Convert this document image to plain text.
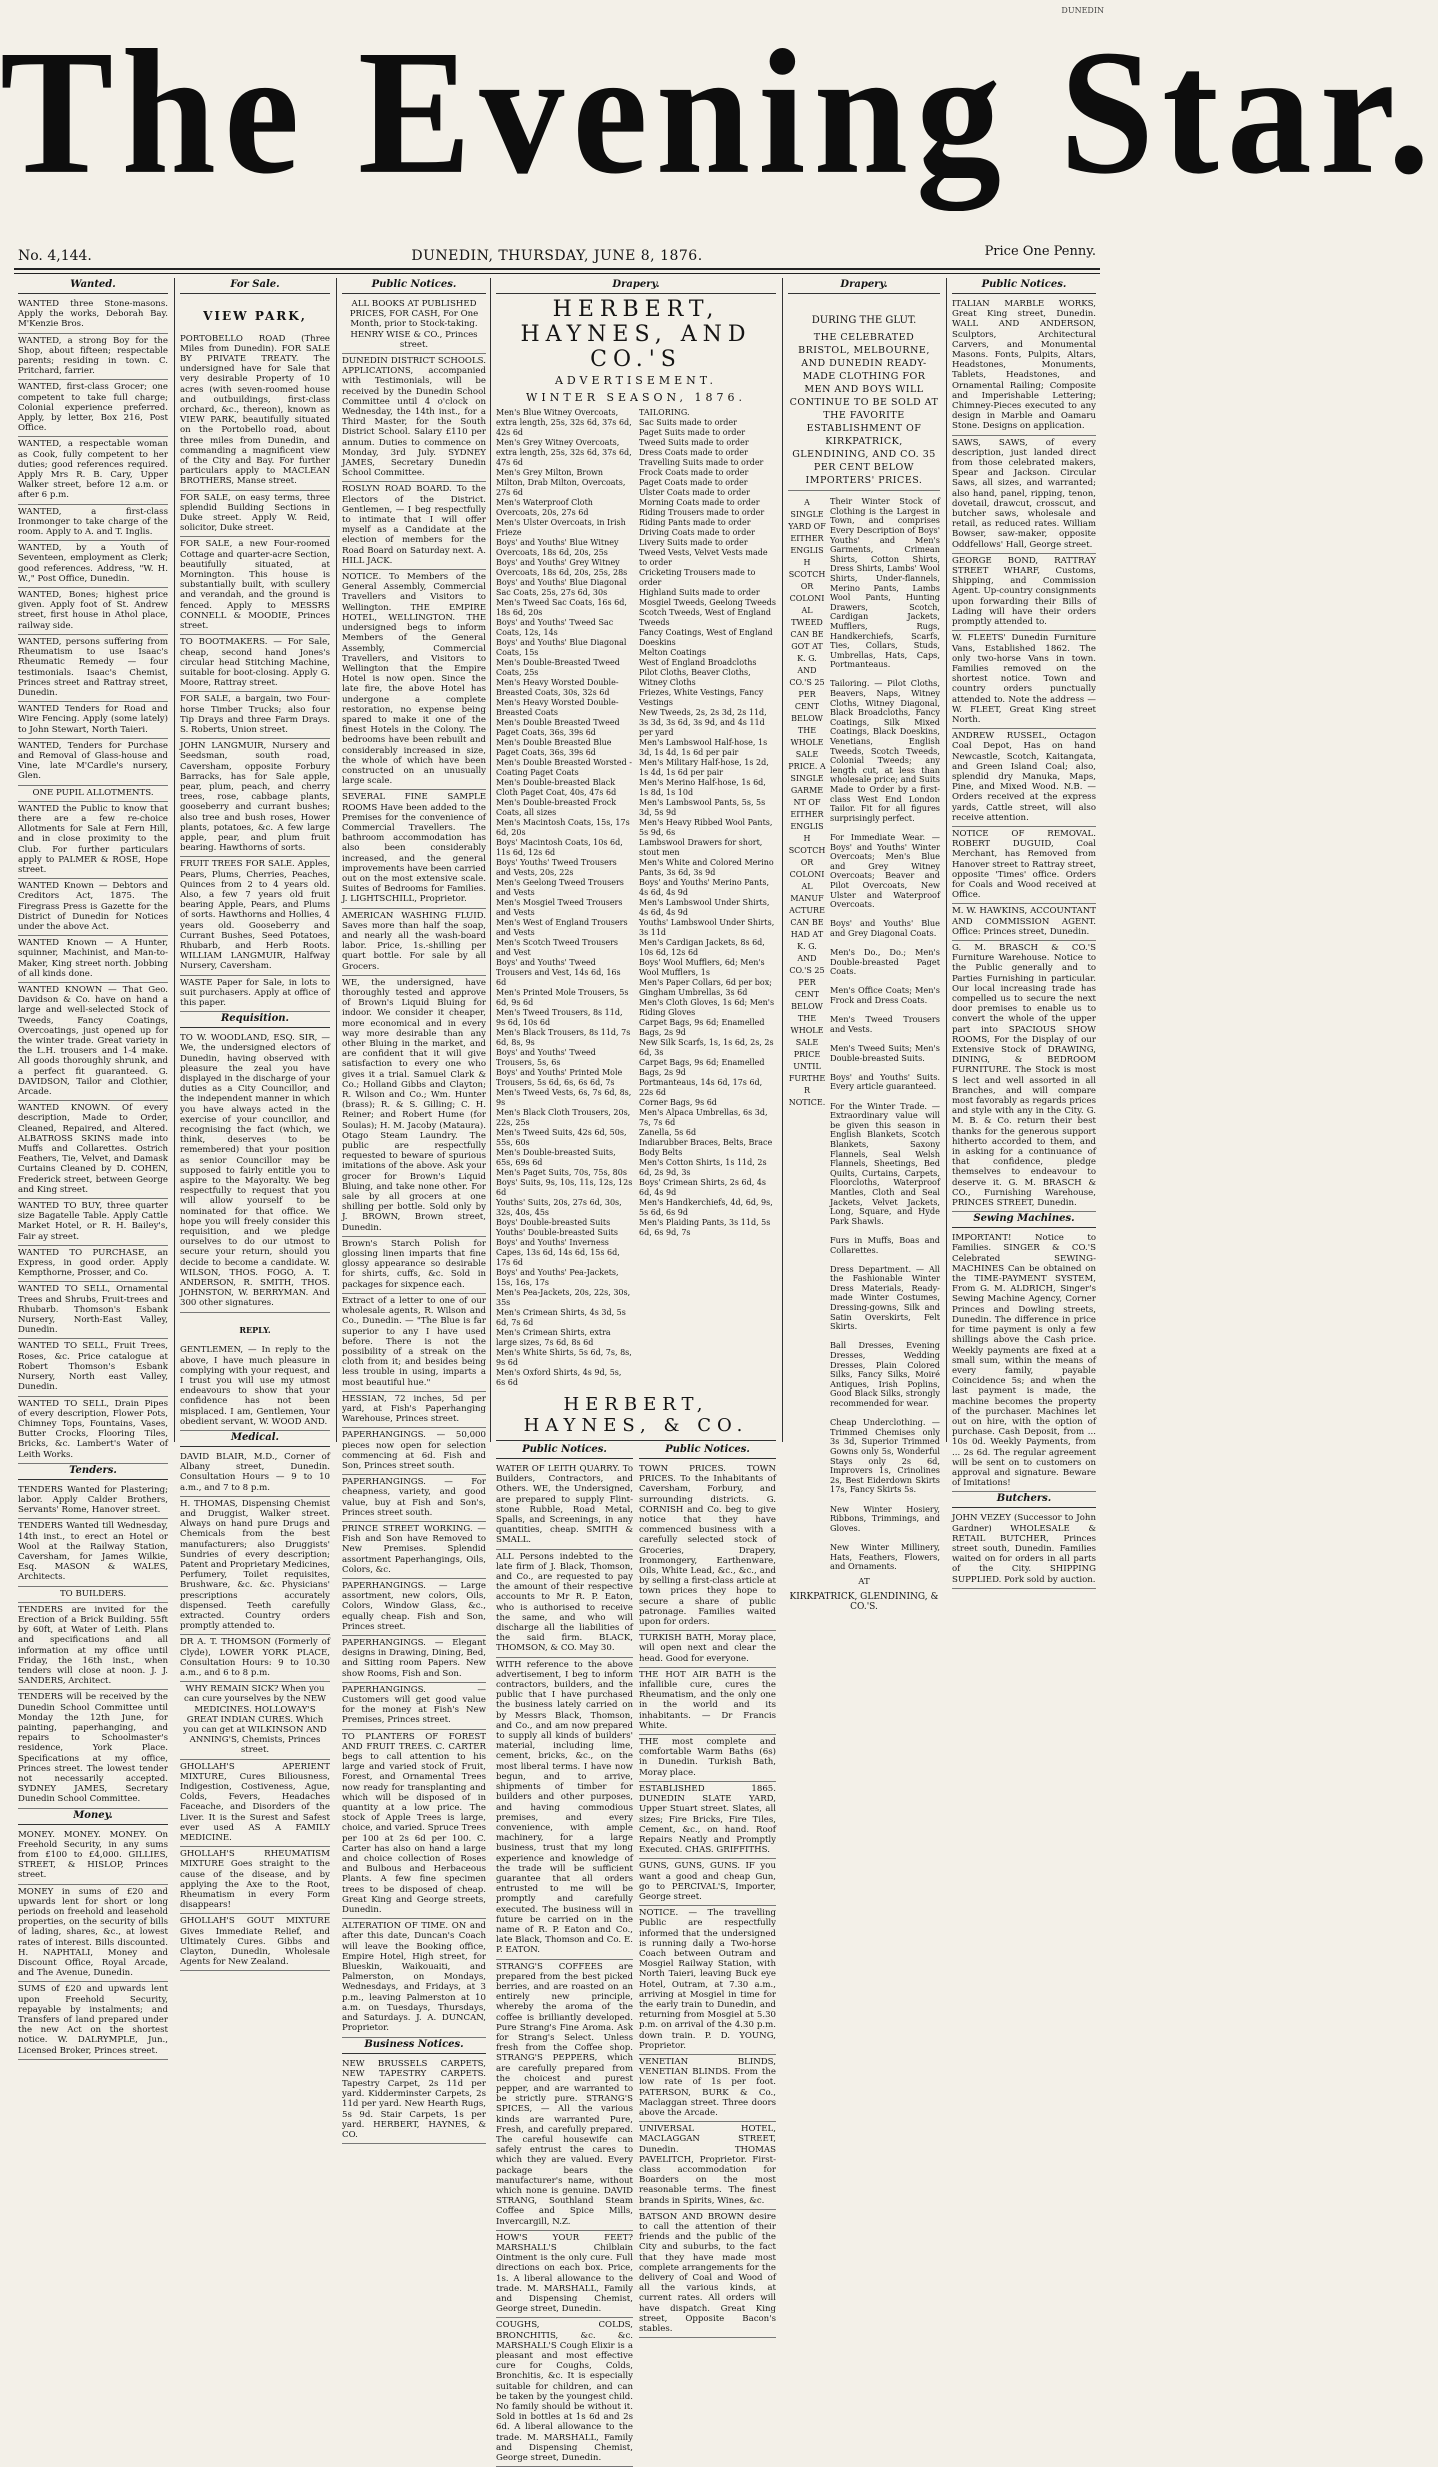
The Evening Star.
DUNEDIN
No. 4,144.	DUNEDIN, THURSDAY, JUNE 8, 1876.	Price One Penny.
Wanted.
WANTED three Stone-masons. Apply the works, Deborah Bay. M'Kenzie Bros.
WANTED, a strong Boy for the Shop, about fifteen; respectable parents; residing in town. C. Pritchard, farrier.
WANTED, first-class Grocer; one competent to take full charge; Colonial experience preferred. Apply, by letter, Box 216, Post Office.
WANTED, a respectable woman as Cook, fully competent to her duties; good references required. Apply Mrs R. B. Cary, Upper Walker street, before 12 a.m. or after 6 p.m.
WANTED, a first-class Ironmonger to take charge of the room. Apply to A. and T. Inglis.
WANTED, by a Youth of Seventeen, employment as Clerk; good references. Address, "W. H. W.," Post Office, Dunedin.
WANTED, Bones; highest price given. Apply foot of St. Andrew street, first house in Athol place, railway side.
WANTED, persons suffering from Rheumatism to use Isaac's Rheumatic Remedy — four testimonials. Isaac's Chemist, Princes street and Rattray street, Dunedin.
WANTED Tenders for Road and Wire Fencing. Apply (some lately) to John Stewart, North Taieri.
WANTED, Tenders for Purchase and Removal of Glass-house and Vine, late M'Cardle's nursery, Glen.
ONE PUPIL ALLOTMENTS.
WANTED the Public to know that there are a few re-choice Allotments for Sale at Fern Hill, and in close proximity to the Club. For further particulars apply to PALMER & ROSE, Hope street.
WANTED Known — Debtors and Creditors Act, 1875. The Firegrass Press is Gazette for the District of Dunedin for Notices under the above Act.
WANTED Known — A Hunter, squinner, Machinist, and Man-to-Maker, King street north. Jobbing of all kinds done.
WANTED KNOWN — That Geo. Davidson & Co. have on hand a large and well-selected Stock of Tweeds, Fancy Coatings, Overcoatings, just opened up for the winter trade. Great variety in the L.H. trousers and 1-4 make. All goods thoroughly shrunk, and a perfect fit guaranteed. G. DAVIDSON, Tailor and Clothier, Arcade.
WANTED KNOWN. Of every description, Made to Order, Cleaned, Repaired, and Altered. ALBATROSS SKINS made into Muffs and Collarettes. Ostrich Feathers, Tie, Velvet, and Damask Curtains Cleaned by D. COHEN, Frederick street, between George and King street.
WANTED TO BUY, three quarter size Bagatelle Table. Apply Cattle Market Hotel, or R. H. Bailey's, Fair ay street.
WANTED TO PURCHASE, an Express, in good order. Apply Kempthorne, Prosser, and Co.
WANTED TO SELL, Ornamental Trees and Shrubs, Fruit-trees and Rhubarb. Thomson's Esbank Nursery, North-East Valley, Dunedin.
WANTED TO SELL, Fruit Trees, Roses, &c. Price catalogue at Robert Thomson's Esbank Nursery, North east Valley, Dunedin.
WANTED TO SELL, Drain Pipes of every description, Flower Pots, Chimney Tops, Fountains, Vases, Butter Crocks, Flooring Tiles, Bricks, &c. Lambert's Water of Leith Works.
Tenders.
TENDERS Wanted for Plastering; labor. Apply Calder Brothers, Servants' Rome, Hanover street.
TENDERS Wanted till Wednesday, 14th inst., to erect an Hotel or Wool at the Railway Station, Caversham, for James Wilkie, Esq. MASON & WALES, Architects.
TO BUILDERS.
TENDERS are invited for the Erection of a Brick Building. 55ft by 60ft, at Water of Leith. Plans and specifications and all information at my office until Friday, the 16th inst., when tenders will close at noon. J. J. SANDERS, Architect.
TENDERS will be received by the Dunedin School Committee until Monday the 12th June, for painting, paperhanging, and repairs to Schoolmaster's residence, York Place. Specifications at my office, Princes street. The lowest tender not necessarily accepted. SYDNEY JAMES, Secretary Dunedin School Committee.
Money.
MONEY. MONEY. MONEY. On Freehold Security, in any sums from £100 to £4,000. GILLIES, STREET, & HISLOP, Princes street.
MONEY in sums of £20 and upwards lent for short or long periods on freehold and leasehold properties, on the security of bills of lading, shares, &c., at lowest rates of interest. Bills discounted. H. NAPHTALI, Money and Discount Office, Royal Arcade, and The Avenue, Dunedin.
SUMS of £20 and upwards lent upon Freehold Security, repayable by instalments; and Transfers of land prepared under the new Act on the shortest notice. W. DALRYMPLE, Jun., Licensed Broker, Princes street.
For Sale.

VIEW PARK,

PORTOBELLO ROAD (Three Miles from Dunedin). FOR SALE BY PRIVATE TREATY. The undersigned have for Sale that very desirable Property of 10 acres (with seven-roomed house and outbuildings, first-class orchard, &c., thereon), known as VIEW PARK, beautifully situated on the Portobello road, about three miles from Dunedin, and commanding a magnificent view of the City and Bay. For further particulars apply to MACLEAN BROTHERS, Manse street.

FOR SALE, on easy terms, three splendid Building Sections in Duke street. Apply W. Reid, solicitor, Duke street.
FOR SALE, a new Four-roomed Cottage and quarter-acre Section, beautifully situated, at Mornington. This house is substantially built, with scullery and verandah, and the ground is fenced. Apply to MESSRS CONNELL & MOODIE, Princes street.
TO BOOTMAKERS. — For Sale, cheap, second hand Jones's circular head Stitching Machine, suitable for boot-closing. Apply G. Moore, Rattray street.
FOR SALE, a bargain, two Four-horse Timber Trucks; also four Tip Drays and three Farm Drays. S. Roberts, Union street.
JOHN LANGMUIR, Nursery and Seedsman, south road, Caversham, opposite Forbury Barracks, has for Sale apple, pear, plum, peach, and cherry trees, rose, cabbage plants, gooseberry and currant bushes; also tree and bush roses, Hower plants, potatoes, &c. A few large apple, pear, and plum fruit bearing. Hawthorns of sorts.
FRUIT TREES FOR SALE. Apples, Pears, Plums, Cherries, Peaches, Quinces from 2 to 4 years old. Also, a few 7 years old fruit bearing Apple, Pears, and Plums of sorts. Hawthorns and Hollies, 4 years old. Gooseberry and Currant Bushes, Seed Potatoes, Rhubarb, and Herb Roots. WILLIAM LANGMUIR, Halfway Nursery, Caversham.
WASTE Paper for Sale, in lots to suit purchasers. Apply at office of this paper.
Requisition.
TO W. WOODLAND, ESQ. SIR, — We, the undersigned electors of Dunedin, having observed with pleasure the zeal you have displayed in the discharge of your duties as a City Councillor, and the independent manner in which you have always acted in the exercise of your councillor, and recognising the fact (which, we think, deserves to be remembered) that your position as senior Councillor may be supposed to fairly entitle you to aspire to the Mayoralty. We beg respectfully to request that you will allow yourself to be nominated for that office. We hope you will freely consider this requisition, and we pledge ourselves to do our utmost to secure your return, should you decide to become a candidate. W. WILSON, THOS. FOGO, A. T. ANDERSON, R. SMITH, THOS. JOHNSTON, W. BERRYMAN. And 300 other signatures.

REPLY.

GENTLEMEN, — In reply to the above, I have much pleasure in complying with your request, and I trust you will use my utmost endeavours to show that your confidence has not been misplaced. I am, Gentlemen, Your obedient servant, W. WOOD AND.

Medical.
DAVID BLAIR, M.D., Corner of Albany street, Dunedin. Consultation Hours — 9 to 10 a.m., and 7 to 8 p.m.
H. THOMAS, Dispensing Chemist and Druggist, Walker street. Always on hand pure Drugs and Chemicals from the best manufacturers; also Druggists' Sundries of every description; Patent and Proprietary Medicines, Perfumery, Toilet requisites, Brushware, &c. &c. Physicians' prescriptions accurately dispensed. Teeth carefully extracted. Country orders promptly attended to.
DR A. T. THOMSON (Formerly of Clyde), LOWER YORK PLACE, Consultation Hours: 9 to 10.30 a.m., and 6 to 8 p.m.
WHY REMAIN SICK? When you can cure yourselves by the NEW MEDICINES. HOLLOWAY'S GREAT INDIAN CURES. Which you can get at WILKINSON AND ANNING'S, Chemists, Princes street.
GHOLLAH'S APERIENT MIXTURE, Cures Biliousness, Indigestion, Costiveness, Ague, Colds, Fevers, Headaches Faceache, and Disorders of the Liver. It is the Surest and Safest ever used AS A FAMILY MEDICINE.
GHOLLAH'S RHEUMATISM MIXTURE Goes straight to the cause of the disease, and by applying the Axe to the Root, Rheumatism in every Form disappears!
GHOLLAH'S GOUT MIXTURE Gives Immediate Relief, and Ultimately Cures. Gibbs and Clayton, Dunedin, Wholesale Agents for New Zealand.
Public Notices.
ALL BOOKS AT PUBLISHED PRICES, FOR CASH, For One Month, prior to Stock-taking. HENRY WISE & CO., Princes street.
DUNEDIN DISTRICT SCHOOLS. APPLICATIONS, accompanied with Testimonials, will be received by the Dunedin School Committee until 4 o'clock on Wednesday, the 14th inst., for a Third Master, for the South District School. Salary £110 per annum. Duties to commence on Monday, 3rd July. SYDNEY JAMES, Secretary Dunedin School Committee.
ROSLYN ROAD BOARD. To the Electors of the District. Gentlemen, — I beg respectfully to intimate that I will offer myself as a Candidate at the election of members for the Road Board on Saturday next. A. HILL JACK.
NOTICE. To Members of the General Assembly, Commercial Travellers and Visitors to Wellington. THE EMPIRE HOTEL, WELLINGTON. THE undersigned begs to inform Members of the General Assembly, Commercial Travellers, and Visitors to Wellington that the Empire Hotel is now open. Since the late fire, the above Hotel has undergone a complete restoration, no expense being spared to make it one of the finest Hotels in the Colony. The bedrooms have been rebuilt and considerably increased in size, the whole of which have been constructed on an unusually large scale.
SEVERAL FINE SAMPLE ROOMS Have been added to the Premises for the convenience of Commercial Travellers. The bathroom accommodation has also been considerably increased, and the general improvements have been carried out on the most extensive scale. Suites of Bedrooms for Families. J. LIGHTSCHILL, Proprietor.
AMERICAN WASHING FLUID. Saves more than half the soap, and nearly all the wash-board labor. Price, 1s.-shilling per quart bottle. For sale by all Grocers.
WE, the undersigned, have thoroughly tested and approve of Brown's Liquid Bluing for indoor. We consider it cheaper, more economical and in every way more desirable than any other Bluing in the market, and are confident that it will give satisfaction to every one who gives it a trial. Samuel Clark & Co.; Holland Gibbs and Clayton; R. Wilson and Co.; Wm. Hunter (brass); R. & S. Gilling; C. H. Reiner; and Robert Hume (for Soulas); H. M. Jacoby (Mataura). Otago Steam Laundry. The public are respectfully requested to beware of spurious imitations of the above. Ask your grocer for Brown's Liquid Bluing, and take none other. For sale by all grocers at one shilling per bottle. Sold only by J. BROWN, Brown street, Dunedin.
Brown's Starch Polish for glossing linen imparts that fine glossy appearance so desirable for shirts, cuffs, &c. Sold in packages for sixpence each.
Extract of a letter to one of our wholesale agents, R. Wilson and Co., Dunedin. — "The Blue is far superior to any I have used before. There is not the possibility of a streak on the cloth from it; and besides being less trouble in using, imparts a most beautiful hue."
HESSIAN, 72 inches, 5d per yard, at Fish's Paperhanging Warehouse, Princes street.
PAPERHANGINGS. — 50,000 pieces now open for selection commencing at 6d. Fish and Son, Princes street south.
PAPERHANGINGS. — For cheapness, variety, and good value, buy at Fish and Son's, Princes street south.
PRINCE STREET WORKING. — Fish and Son have Removed to New Premises. Splendid assortment Paperhangings, Oils, Colors, &c.
PAPERHANGINGS. — Large assortment, new colors, Oils, Colors, Window Glass, &c., equally cheap. Fish and Son, Princes street.
PAPERHANGINGS. — Elegant designs in Drawing, Dining, Bed, and Sitting room Papers. New show Rooms, Fish and Son.
PAPERHANGINGS. — Customers will get good value for the money at Fish's New Premises, Princes street.
TO PLANTERS OF FOREST AND FRUIT TREES. C. CARTER begs to call attention to his large and varied stock of Fruit, Forest, and Ornamental Trees now ready for transplanting and which will be disposed of in quantity at a low price. The stock of Apple Trees is large, choice, and varied. Spruce Trees per 100 at 2s 6d per 100. C. Carter has also on hand a large and choice collection of Roses and Bulbous and Herbaceous Plants. A few fine specimen trees to be disposed of cheap. Great King and George streets, Dunedin.
ALTERATION OF TIME. ON and after this date, Duncan's Coach will leave the Booking office, Empire Hotel, High street, for Blueskin, Waikouaiti, and Palmerston, on Mondays, Wednesdays, and Fridays, at 3 p.m., leaving Palmerston at 10 a.m. on Tuesdays, Thursdays, and Saturdays. J. A. DUNCAN, Proprietor.
Business Notices.
NEW BRUSSELS CARPETS, NEW TAPESTRY CARPETS. Tapestry Carpet, 2s 11d per yard. Kidderminster Carpets, 2s 11d per yard. New Hearth Rugs, 5s 9d. Stair Carpets, 1s per yard. HERBERT, HAYNES, & CO.
Drapery.
HERBERT, HAYNES, AND CO.'S
ADVERTISEMENT.
WINTER SEASON, 1876.
Men's Blue Witney Overcoats, extra length, 25s, 32s 6d, 37s 6d, 42s 6d
Men's Grey Witney Overcoats, extra length, 25s, 32s 6d, 37s 6d, 47s 6d
Men's Grey Milton, Brown Milton, Drab Milton, Overcoats, 27s 6d
Men's Waterproof Cloth Overcoats, 20s, 27s 6d
Men's Ulster Overcoats, in Irish Frieze
Boys' and Youths' Blue Witney Overcoats, 18s 6d, 20s, 25s
Boys' and Youths' Grey Witney Overcoats, 18s 6d, 20s, 25s, 28s
Boys' and Youths' Blue Diagonal Sac Coats, 25s, 27s 6d, 30s
Men's Tweed Sac Coats, 16s 6d, 18s 6d, 20s
Boys' and Youths' Tweed Sac Coats, 12s, 14s
Boys' and Youths' Blue Diagonal Coats, 15s
Men's Double-Breasted Tweed Coats, 25s
Men's Heavy Worsted Double-Breasted Coats, 30s, 32s 6d
Men's Heavy Worsted Double-Breasted Coats
Men's Double Breasted Tweed Paget Coats, 36s, 39s 6d
Men's Double Breasted Blue Paget Coats, 36s, 39s 6d
Men's Double Breasted Worsted - Coating Paget Coats
Men's Double-breasted Black Cloth Paget Coat, 40s, 47s 6d
Men's Double-breasted Frock Coats, all sizes
Men's Macintosh Coats, 15s, 17s 6d, 20s
Boys' Macintosh Coats, 10s 6d, 11s 6d, 12s 6d
Boys' Youths' Tweed Trousers and Vests, 20s, 22s
Men's Geelong Tweed Trousers and Vests
Men's Mosgiel Tweed Trousers and Vests
Men's West of England Trousers and Vests
Men's Scotch Tweed Trousers and Vest
Boys' and Youths' Tweed Trousers and Vest, 14s 6d, 16s 6d
Men's Printed Mole Trousers, 5s 6d, 9s 6d
Men's Tweed Trousers, 8s 11d, 9s 6d, 10s 6d
Men's Black Trousers, 8s 11d, 7s 6d, 8s, 9s
Boys' and Youths' Tweed Trousers, 5s, 6s
Boys' and Youths' Printed Mole Trousers, 5s 6d, 6s, 6s 6d, 7s
Men's Tweed Vests, 6s, 7s 6d, 8s, 9s
Men's Black Cloth Trousers, 20s, 22s, 25s
Men's Tweed Suits, 42s 6d, 50s, 55s, 60s
Men's Double-breasted Suits, 65s, 69s 6d
Men's Paget Suits, 70s, 75s, 80s
Boys' Suits, 9s, 10s, 11s, 12s, 12s 6d
Youths' Suits, 20s, 27s 6d, 30s, 32s, 40s, 45s
Boys' Double-breasted Suits
Youths' Double-breasted Suits
Boys' and Youths' Inverness Capes, 13s 6d, 14s 6d, 15s 6d, 17s 6d
Boys' and Youths' Pea-Jackets, 15s, 16s, 17s
Men's Pea-Jackets, 20s, 22s, 30s, 35s
Men's Crimean Shirts, 4s 3d, 5s 6d, 7s 6d
Men's Crimean Shirts, extra large sizes, 7s 6d, 8s 6d
Men's White Shirts, 5s 6d, 7s, 8s, 9s 6d
Men's Oxford Shirts, 4s 9d, 5s, 6s 6d
TAILORING.
Sac Suits made to order
Paget Suits made to order
Tweed Suits made to order
Dress Coats made to order
Travelling Suits made to order
Frock Coats made to order
Paget Coats made to order
Ulster Coats made to order
Morning Coats made to order
Riding Trousers made to order
Riding Pants made to order
Driving Coats made to order
Livery Suits made to order
Tweed Vests, Velvet Vests made to order
Cricketing Trousers made to order
Highland Suits made to order
Mosgiel Tweeds, Geelong Tweeds
Scotch Tweeds, West of England Tweeds
Fancy Coatings, West of England Doeskins
Melton Coatings
West of England Broadcloths
Pilot Cloths, Beaver Cloths, Witney Cloths
Friezes, White Vestings, Fancy Vestings
New Tweeds, 2s, 2s 3d, 2s 11d, 3s 3d, 3s 6d, 3s 9d, and 4s 11d per yard
Men's Lambswool Half-hose, 1s 3d, 1s 4d, 1s 6d per pair
Men's Military Half-hose, 1s 2d, 1s 4d, 1s 6d per pair
Men's Merino Half-hose, 1s 6d, 1s 8d, 1s 10d
Men's Lambswool Pants, 5s, 5s 3d, 5s 9d
Men's Heavy Ribbed Wool Pants, 5s 9d, 6s
Lambswool Drawers for short, stout men
Men's White and Colored Merino Pants, 3s 6d, 3s 9d
Boys' and Youths' Merino Pants, 4s 6d, 4s 9d
Men's Lambswool Under Shirts, 4s 6d, 4s 9d
Youths' Lambswool Under Shirts, 3s 11d
Men's Cardigan Jackets, 8s 6d, 10s 6d, 12s 6d
Boys' Wool Mufflers, 6d; Men's Wool Mufflers, 1s
Men's Paper Collars, 6d per box; Gingham Umbrellas, 3s 6d
Men's Cloth Gloves, 1s 6d; Men's Riding Gloves
Carpet Bags, 9s 6d; Enamelled Bags, 2s 9d
New Silk Scarfs, 1s, 1s 6d, 2s, 2s 6d, 3s
Carpet Bags, 9s 6d; Enamelled Bags, 2s 9d
Portmanteaus, 14s 6d, 17s 6d, 22s 6d
Corner Bags, 9s 6d
Men's Alpaca Umbrellas, 6s 3d, 7s, 7s 6d
Zanella, 5s 6d
Indiarubber Braces, Belts, Brace Body Belts
Men's Cotton Shirts, 1s 11d, 2s 6d, 2s 9d, 3s
Boys' Crimean Shirts, 2s 6d, 4s 6d, 4s 9d
Men's Handkerchiefs, 4d, 6d, 9s, 5s 6d, 6s 9d
Men's Plaiding Pants, 3s 11d, 5s 6d, 6s 9d, 7s
HERBERT, HAYNES, & CO.
Public Notices.
WATER OF LEITH QUARRY. To Builders, Contractors, and Others. WE, the Undersigned, are prepared to supply Flint-stone Rubble, Road Metal, Spalls, and Screenings, in any quantities, cheap. SMITH & SMALL.
ALL Persons indebted to the late firm of J. Black, Thomson, and Co., are requested to pay the amount of their respective accounts to Mr R. P. Eaton, who is authorised to receive the same, and who will discharge all the liabilities of the said firm. BLACK, THOMSON, & CO. May 30.
WITH reference to the above advertisement, I beg to inform contractors, builders, and the public that I have purchased the business lately carried on by Messrs Black, Thomson, and Co., and am now prepared to supply all kinds of builders' material, including lime, cement, bricks, &c., on the most liberal terms. I have now begun, and to arrive, shipments of timber for builders and other purposes, and having commodious premises, and every convenience, with ample machinery, for a large business, trust that my long experience and knowledge of the trade will be sufficient guarantee that all orders entrusted to me will be promptly and carefully executed. The business will in future be carried on in the name of R. P. Eaton and Co., late Black, Thomson and Co. E. P. EATON.
STRANG'S COFFEES are prepared from the best picked berries, and are roasted on an entirely new principle, whereby the aroma of the coffee is brilliantly developed. Pure Strang's Fine Aroma. Ask for Strang's Select. Unless fresh from the Coffee shop. STRANG'S PEPPERS, which are carefully prepared from the choicest and purest pepper, and are warranted to be strictly pure. STRANG'S SPICES, — All the various kinds are warranted Pure, Fresh, and carefully prepared. The careful housewife can safely entrust the cares to which they are valued. Every package bears the manufacturer's name, without which none is genuine. DAVID STRANG, Southland Steam Coffee and Spice Mills, Invercargill, N.Z.
HOW'S YOUR FEET? MARSHALL'S Chilblain Ointment is the only cure. Full directions on each box. Price, 1s. A liberal allowance to the trade. M. MARSHALL, Family and Dispensing Chemist, George street, Dunedin.
COUGHS, COLDS, BRONCHITIS, &c. &c. MARSHALL'S Cough Elixir is a pleasant and most effective cure for Coughs, Colds, Bronchitis, &c. It is especially suitable for children, and can be taken by the youngest child. No family should be without it. Sold in bottles at 1s 6d and 2s 6d. A liberal allowance to the trade. M. MARSHALL, Family and Dispensing Chemist, George street, Dunedin.
Public Notices.
TOWN PRICES. TOWN PRICES. To the Inhabitants of Caversham, Forbury, and surrounding districts. G. CORNISH and Co. beg to give notice that they have commenced business with a carefully selected stock of Groceries, Drapery, Ironmongery, Earthenware, Oils, White Lead, &c., &c., and by selling a first-class article at town prices they hope to secure a share of public patronage. Families waited upon for orders.
TURKISH BATH, Moray place, will open next and clear the head. Good for everyone.
THE HOT AIR BATH is the infallible cure, cures the Rheumatism, and the only one in the world and its inhabitants. — Dr Francis White.
THE most complete and comfortable Warm Baths (6s) in Dunedin. Turkish Bath, Moray place.
ESTABLISHED 1865. DUNEDIN SLATE YARD, Upper Stuart street. Slates, all sizes; Fire Bricks, Fire Tiles, Cement, &c., on hand. Roof Repairs Neatly and Promptly Executed. CHAS. GRIFFITHS.
GUNS, GUNS, GUNS. IF you want a good and cheap Gun, go to PERCIVAL'S, Importer, George street.
NOTICE. — The travelling Public are respectfully informed that the undersigned is running daily a Two-horse Coach between Outram and Mosgiel Railway Station, with North Taieri, leaving Buck eye Hotel, Outram, at 7.30 a.m., arriving at Mosgiel in time for the early train to Dunedin, and returning from Mosgiel at 5.30 p.m. on arrival of the 4.30 p.m. down train. P. D. YOUNG, Proprietor.
VENETIAN BLINDS, VENETIAN BLINDS. From the low rate of 1s per foot. PATERSON, BURK & Co., Maclaggan street. Three doors above the Arcade.
UNIVERSAL HOTEL, MACLAGGAN STREET, Dunedin. THOMAS PAVELITCH, Proprietor. First-class accommodation for Boarders on the most reasonable terms. The finest brands in Spirits, Wines, &c.
BATSON AND BROWN desire to call the attention of their friends and the public of the City and suburbs, to the fact that they have made most complete arrangements for the delivery of Coal and Wood of all the various kinds, at current rates. All orders will have dispatch. Great King street, Opposite Bacon's stables.
Drapery.
DURING THE GLUT.
THE CELEBRATED BRISTOL, MELBOURNE, AND DUNEDIN READY-MADE CLOTHING FOR MEN AND BOYS WILL CONTINUE TO BE SOLD AT THE FAVORITE ESTABLISHMENT OF KIRKPATRICK, GLENDINING, AND CO. 35 PER CENT BELOW IMPORTERS' PRICES.
A SINGLE YARD OF EITHER ENGLISH SCOTCH OR COLONIAL TWEED CAN BE GOT AT K. G. AND CO.'S 25 PER CENT BELOW THE WHOLESALE PRICE. A SINGLE GARMENT OF EITHER ENGLISH SCOTCH OR COLONIAL MANUFACTURE CAN BE HAD AT K. G. AND CO.'S 25 PER CENT BELOW THE WHOLESALE PRICE UNTIL FURTHER NOTICE.
Their Winter Stock of Clothing is the Largest in Town, and comprises Every Description of Boys' Youths' and Men's Garments, Crimean Shirts, Cotton Shirts, Dress Shirts, Lambs' Wool Shirts, Under-flannels, Merino Pants, Lambs Wool Pants, Hunting Drawers, Scotch, Cardigan Jackets, Mufflers, Rugs, Handkerchiefs, Scarfs, Ties, Collars, Studs, Umbrellas, Hats, Caps, Portmanteaus.

Tailoring. — Pilot Cloths, Beavers, Naps, Witney Cloths, Witney Diagonal, Black Broadcloths, Fancy Coatings, Silk Mixed Coatings, Black Doeskins, Venetians, English Tweeds, Scotch Tweeds, Colonial Tweeds; any length cut, at less than wholesale price; and Suits Made to Order by a first-class West End London Tailor. Fit for all figures surprisingly perfect.

For Immediate Wear. — Boys' and Youths' Winter Overcoats; Men's Blue and Grey Witney Overcoats; Beaver and Pilot Overcoats, New Ulster and Waterproof Overcoats.

Boys' and Youths' Blue and Grey Diagonal Coats.

Men's Do., Do.; Men's Double-breasted Paget Coats.

Men's Office Coats; Men's Frock and Dress Coats.

Men's Tweed Trousers and Vests.

Men's Tweed Suits; Men's Double-breasted Suits.

Boys' and Youths' Suits. Every article guaranteed.

For the Winter Trade. — Extraordinary value will be given this season in English Blankets, Scotch Blankets, Saxony Flannels, Seal Welsh Flannels, Sheetings, Bed Quilts, Curtains, Carpets, Floorcloths, Waterproof Mantles, Cloth and Seal Jackets, Velvet Jackets, Long, Square, and Hyde Park Shawls.

Furs in Muffs, Boas and Collarettes.

Dress Department. — All the Fashionable Winter Dress Materials, Ready-made Winter Costumes, Dressing-gowns, Silk and Satin Overskirts, Felt Skirts.

Ball Dresses, Evening Dresses, Wedding Dresses, Plain Colored Silks, Fancy Silks, Moiré Antiques, Irish Poplins, Good Black Silks, strongly recommended for wear.

Cheap Underclothing. — Trimmed Chemises only 3s 3d, Superior Trimmed Gowns only 5s, Wonderful Stays only 2s 6d, Improvers 1s, Crinolines 2s, Best Eiderdown Skirts 17s, Fancy Skirts 5s.

New Winter Hosiery, Ribbons, Trimmings, and Gloves.

New Winter Millinery, Hats, Feathers, Flowers, and Ornaments.
AT
KIRKPATRICK, GLENDINING, & CO.'S.
Public Notices.
ITALIAN MARBLE WORKS, Great King street, Dunedin. WALL AND ANDERSON, Sculptors, Architectural Carvers, and Monumental Masons. Fonts, Pulpits, Altars, Headstones, Monuments, Tablets, Headstones, and Ornamental Railing; Composite and Imperishable Lettering; Chimney-Pieces executed to any design in Marble and Oamaru Stone. Designs on application.
SAWS, SAWS, of every description, just landed direct from those celebrated makers, Spear and Jackson. Circular Saws, all sizes, and warranted; also hand, panel, ripping, tenon, dovetail, drawcut, crosscut, and butcher saws, wholesale and retail, as reduced rates. William Bowser, saw-maker, opposite Oddfellows' Hall, George street.
GEORGE BOND, RATTRAY STREET WHARF, Customs, Shipping, and Commission Agent. Up-country consignments upon forwarding their Bills of Lading will have their orders promptly attended to.
W. FLEETS' Dunedin Furniture Vans, Established 1862. The only two-horse Vans in town. Families removed on the shortest notice. Town and country orders punctually attended to. Note the address — W. FLEET, Great King street North.
ANDREW RUSSEL, Octagon Coal Depot, Has on hand Newcastle, Scotch, Kaitangata, and Green Island Coal; also, splendid dry Manuka, Maps, Pine, and Mixed Wood. N.B. — Orders received at the express yards, Cattle street, will also receive attention.
NOTICE OF REMOVAL. ROBERT DUGUID, Coal Merchant, has Removed from Hanover street to Rattray street, opposite 'Times' office. Orders for Coals and Wood received at Office.
M. W. HAWKINS, ACCOUNTANT AND COMMISSION AGENT. Office: Princes street, Dunedin.
G. M. BRASCH & CO.'S Furniture Warehouse. Notice to the Public generally and to Parties Furnishing in particular. Our local increasing trade has compelled us to secure the next door premises to enable us to convert the whole of the upper part into SPACIOUS SHOW ROOMS, For the Display of our Extensive Stock of DRAWING, DINING, & BEDROOM FURNITURE. The Stock is most S lect and well assorted in all Branches, and will compare most favorably as regards prices and style with any in the City. G. M. B. & Co. return their best thanks for the generous support hitherto accorded to them, and in asking for a continuance of that confidence, pledge themselves to endeavour to deserve it. G. M. BRASCH & CO., Furnishing Warehouse, PRINCES STREET, Dunedin.
Sewing Machines.
IMPORTANT! Notice to Families. SINGER & CO.'S Celebrated SEWING-MACHINES Can be obtained on the TIME-PAYMENT SYSTEM, From G. M. ALDRICH, Singer's Sewing Machine Agency, Corner Princes and Dowling streets, Dunedin. The difference in price for time payment is only a few shillings above the Cash price. Weekly payments are fixed at a small sum, within the means of every family, payable Coincidence 5s; and when the last payment is made, the machine becomes the property of the purchaser. Machines let out on hire, with the option of purchase. Cash Deposit, from ... 10s 0d. Weekly Payments, from ... 2s 6d. The regular agreement will be sent on to customers on approval and signature. Beware of Imitations!
Butchers.
JOHN VEZEY (Successor to John Gardner) WHOLESALE & RETAIL BUTCHER, Princes street south, Dunedin. Families waited on for orders in all parts of the City. SHIPPING SUPPLIED. Pork sold by auction.
